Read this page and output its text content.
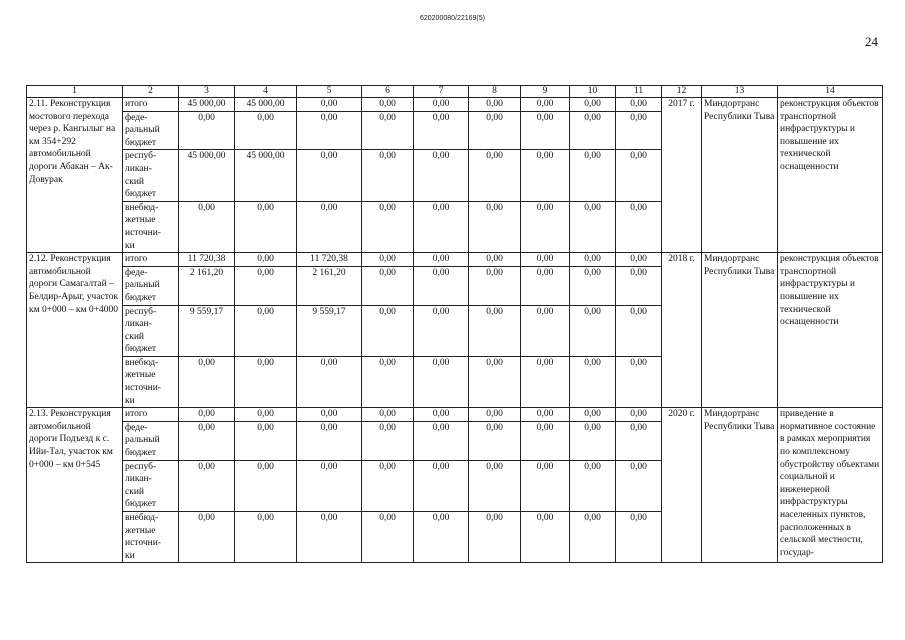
620200080/22169(5)
24
1	2	3	4	5	6	7	8	9	10	11	12	13	14
2.11. Реконструкция мостового перехода через р. Кангылыг на км 354+292 автомобильной дороги Абакан – Ак-Довурак	итого	45 000,00	45 000,00	0,00	0,00	0,00	0,00	0,00	0,00	0,00	2017 г.	Миндортранс Республики Тыва	реконструкция объектов транспортной инфраструктуры и повышение их технической оснащенности
	феде-
ральный
бюджет	0,00	0,00	0,00	0,00	0,00	0,00	0,00	0,00	0,00			
	респуб-
ликан-
ский
бюджет	45 000,00	45 000,00	0,00	0,00	0,00	0,00	0,00	0,00	0,00			
	внебюд-
жетные
источни-
ки	0,00	0,00	0,00	0,00	0,00	0,00	0,00	0,00	0,00			
2.12. Реконструкция автомобильной дороги Самагалтай – Белдир-Арыг, участок км 0+000 – км 0+4000	итого	11 720,38	0,00	11 720,38	0,00	0,00	0,00	0,00	0,00	0,00	2018 г.	Миндортранс Республики Тыва	реконструкция объектов транспортной инфраструктуры и повышение их технической оснащенности
	феде-
ральный
бюджет	2 161,20	0,00	2 161,20	0,00	0,00	0,00	0,00	0,00	0,00			
	респуб-
ликан-
ский
бюджет	9 559,17	0,00	9 559,17	0,00	0,00	0,00	0,00	0,00	0,00			
	внебюд-
жетные
источни-
ки	0,00	0,00	0,00	0,00	0,00	0,00	0,00	0,00	0,00			
2.13. Реконструкция автомобильной дороги Подъезд к с. Ийи-Тал, участок км 0+000 – км 0+545	итого	0,00	0,00	0,00	0,00	0,00	0,00	0,00	0,00	0,00	2020 г.	Миндортранс Республики Тыва	приведение в нормативное состояние в рамках мероприятия по комплексному обустройству объектами социальной и инженерной инфраструктуры населенных пунктов, расположенных в сельской местности, государ-
	феде-
ральный
бюджет	0,00	0,00	0,00	0,00	0,00	0,00	0,00	0,00	0,00			
	респуб-
ликан-
ский
бюджет	0,00	0,00	0,00	0,00	0,00	0,00	0,00	0,00	0,00			
	внебюд-
жетные
источни-
ки	0,00	0,00	0,00	0,00	0,00	0,00	0,00	0,00	0,00			
